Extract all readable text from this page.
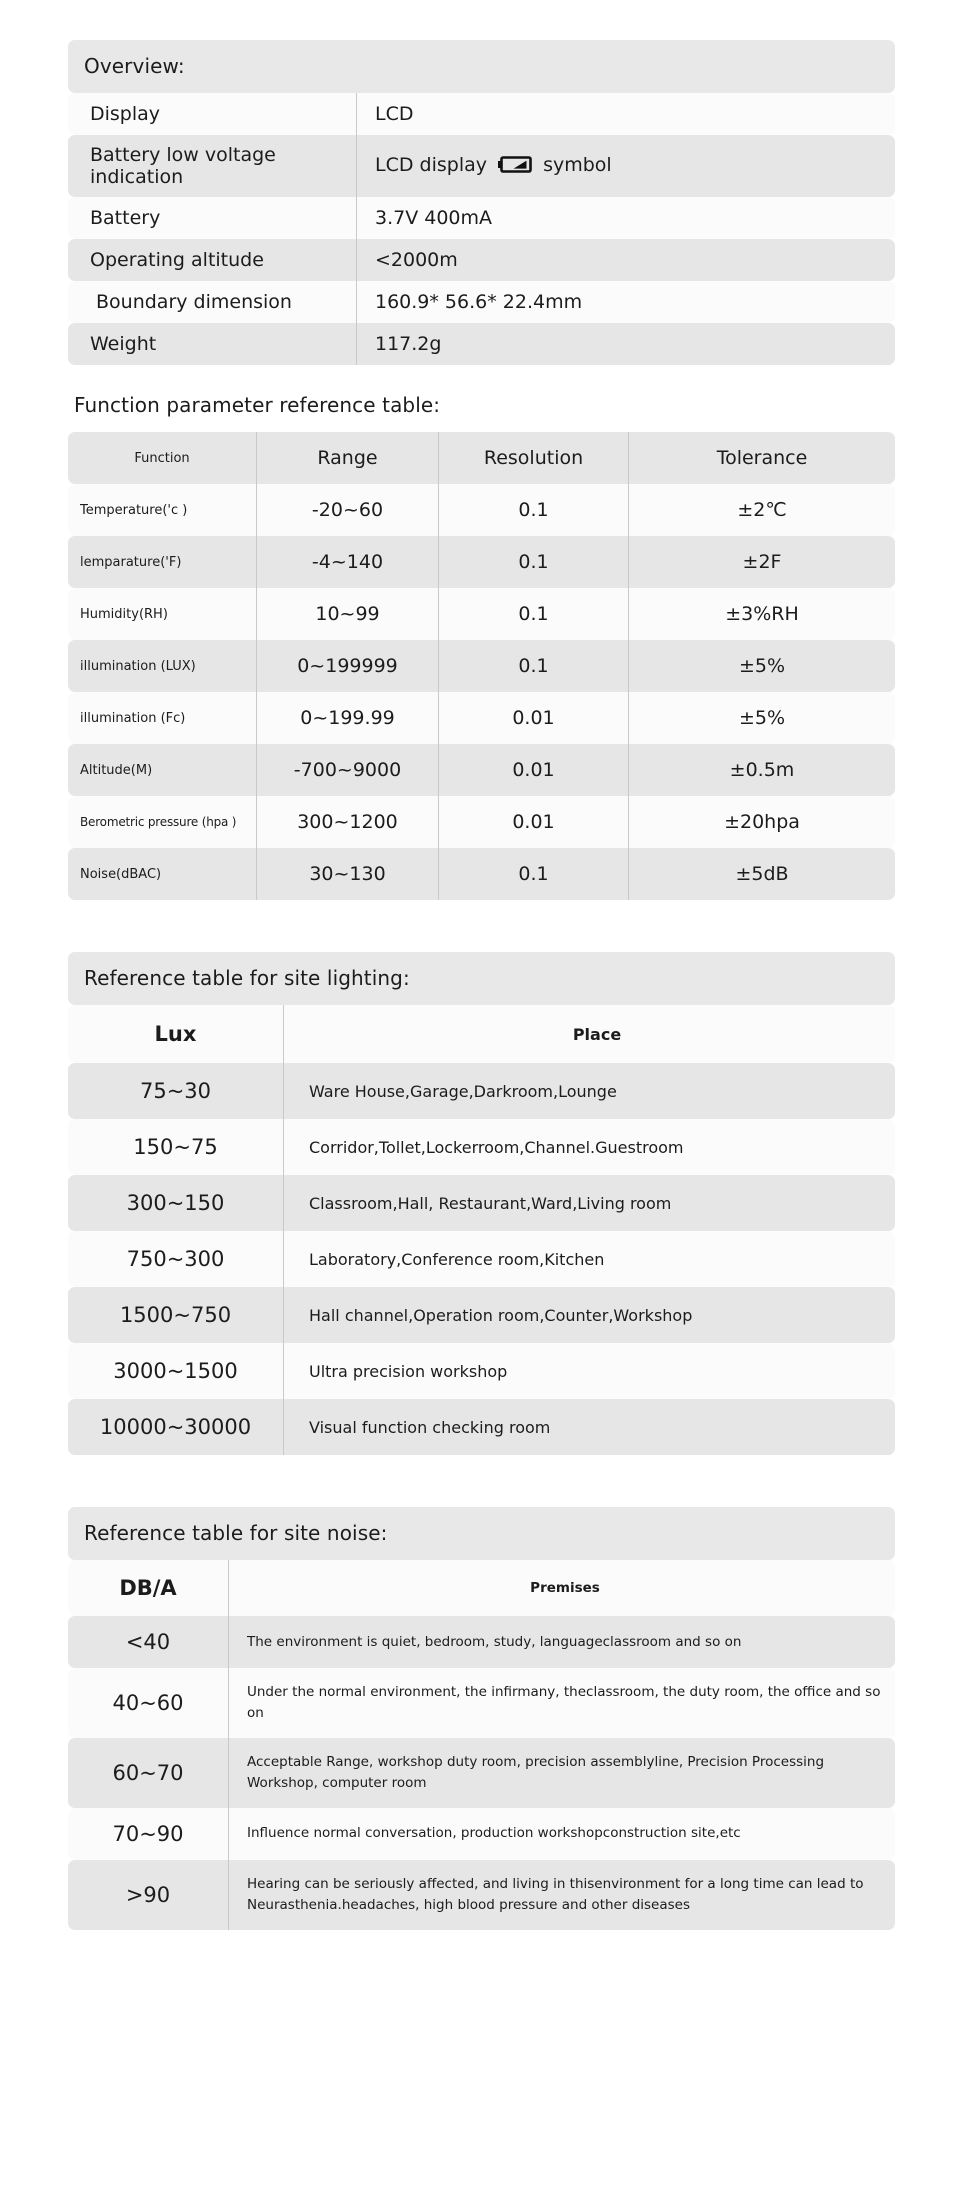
Overview:
Display	LCD
Battery low voltage indication	LCD display symbol
Battery	3.7V 400mA
Operating altitude	<2000m
Boundary dimension	160.9* 56.6* 22.4mm
Weight	117.2g
Function parameter reference table:
Function	Range	Resolution	Tolerance
Temperature('c )	-20~60	0.1	±2℃
lemparature('F)	-4~140	0.1	±2F
Humidity(RH)	10~99	0.1	±3%RH
illumination (LUX)	0~199999	0.1	±5%
illumination (Fc)	0~199.99	0.01	±5%
Altitude(M)	-700~9000	0.01	±0.5m
Berometric pressure (hpa )	300~1200	0.01	±20hpa
Noise(dBAC)	30~130	0.1	±5dB
Reference table for site lighting:
Lux	Place
75~30	Ware House,Garage,Darkroom,Lounge
150~75	Corridor,Tollet,Lockerroom,Channel.Guestroom
300~150	Classroom,Hall, Restaurant,Ward,Living room
750~300	Laboratory,Conference room,Kitchen
1500~750	Hall channel,Operation room,Counter,Workshop
3000~1500	Ultra precision workshop
10000~30000	Visual function checking room
Reference table for site noise:
DB/A	Premises
<40	The environment is quiet, bedroom, study, languageclassroom and so on
40~60	Under the normal environment, the infirmany, theclassroom, the duty room, the office and so on
60~70	Acceptable Range, workshop duty room, precision assemblyline, Precision Processing Workshop, computer room
70~90	Influence normal conversation, production workshopconstruction site,etc
>90	Hearing can be seriously affected, and living in thisenvironment for a long time can lead to Neurasthenia.headaches, high blood pressure and other diseases
